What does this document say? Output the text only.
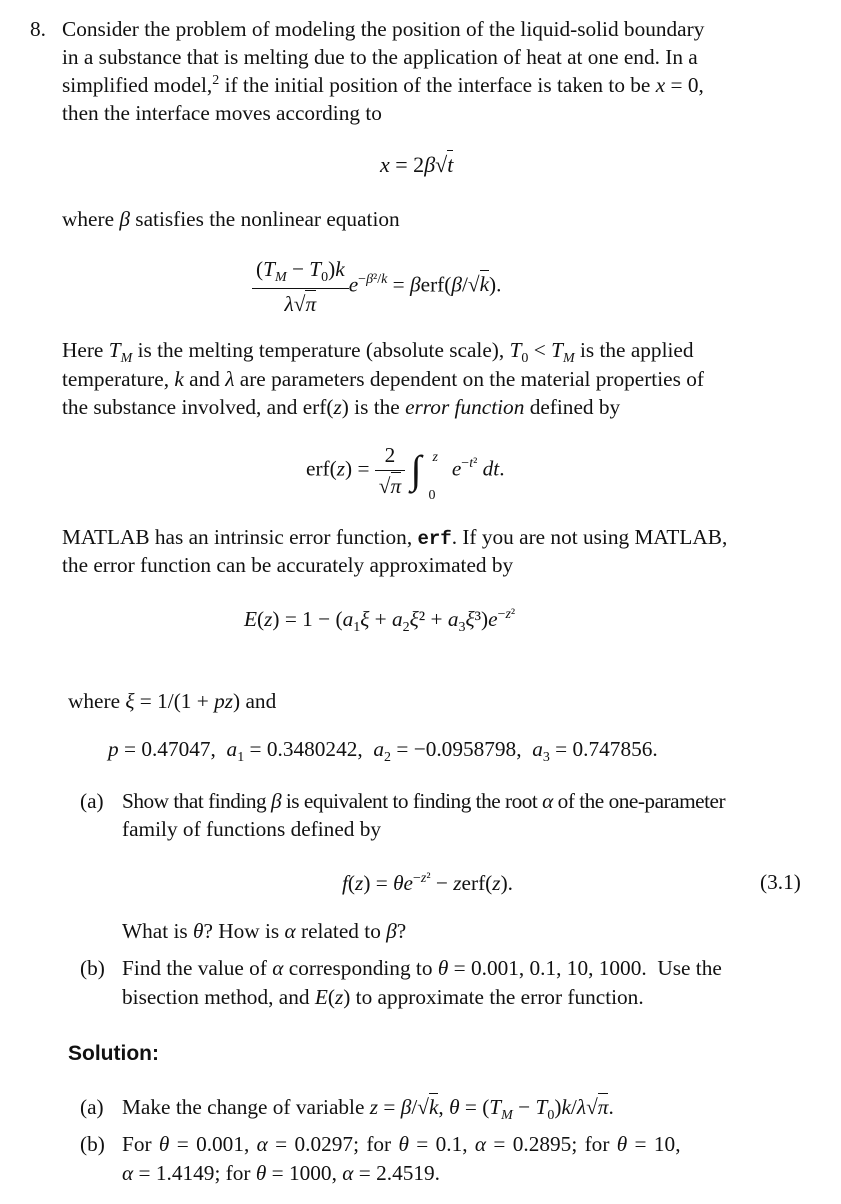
8. Consider the problem of modeling the position of the liquid-solid boundary
in a substance that is melting due to the application of heat at one end. In a
simplified model,$^2$ if the initial position of the interface is taken to be x = 0,
then the interface moves according to
x = 2β√t
where β satisfies the nonlinear equation
$\frac{(T_M - T_0)k}{\lambda√\pi} e^{-\beta^2/k} = \beta erf(\beta/√k)$.
Here $T_M$ is the melting temperature (absolute scale), $T_0 < T_M$ is the applied
temperature, k and λ are parameters dependent on the material properties of
the substance involved, and erf(z) is the error function defined by
$erf(z) = \frac{2}{√\pi}$ ∫ z
0
$e^{-t^2}$ dt.
MATLAB has an intrinsic error function, erf. If you are not using MATLAB,
the error function can be accurately approximated by
$E(z) = 1 - (a_1\xi + a_2\xi^2 + a_3\xi^3)e^{-z^2}$
where ξ = 1/(1 + pz) and
p = 0.47047,  $a_1 = 0.3480242$,  $a_2 = -0.0958798$,  $a_3 = 0.747856$.
(a) Show that finding β is equivalent to finding the root α of the one-parameter
family of functions defined by
$f(z) = \theta e^{-z^2}$ − zerf(z).	(3.1)
What is θ? How is α related to β?
(b) Find the value of α corresponding to θ = 0.001, 0.1, 10, 1000. Use the
bisection method, and E(z) to approximate the error function.
Solution:
(a) Make the change of variable z = β/√k, $\theta = (T_M - T_0)k/\lambda√\pi$.
(b) For θ = 0.001, α = 0.0297; for θ = 0.1, α = 0.2895; for θ = 10,
α = 1.4149; for θ = 1000, α = 2.4519.
